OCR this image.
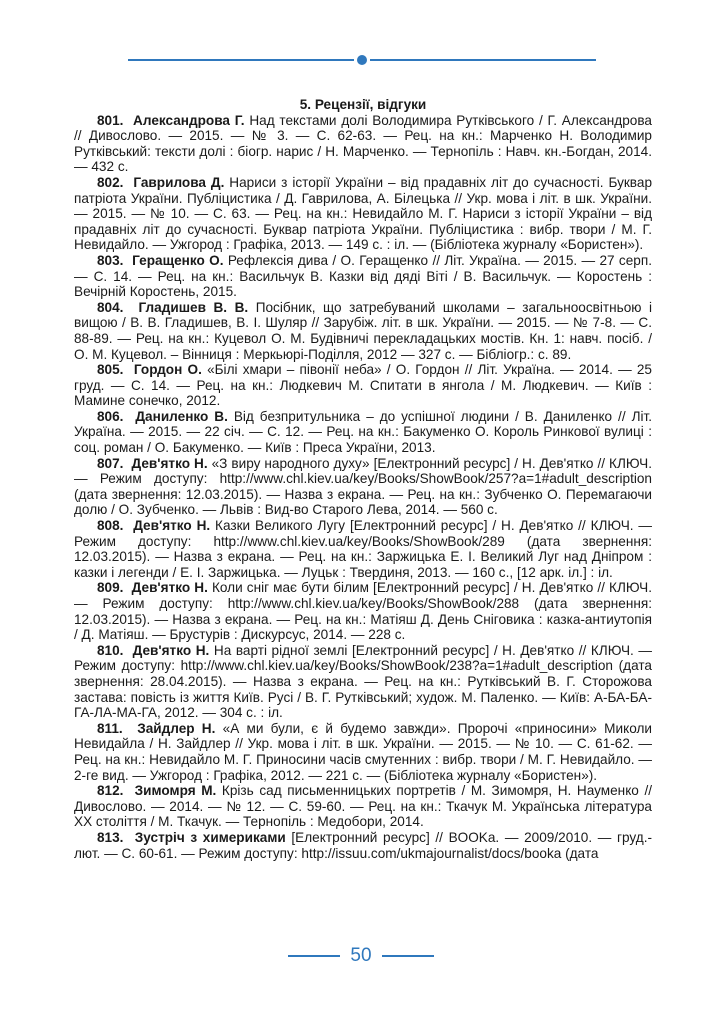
5. Рецензії, відгуки

801. Александрова Г. Над текстами долі Володимира Рутківського / Г. Александрова // Дивослово. — 2015. — № 3. — С. 62-63. — Рец. на кн.: Марченко Н. Володимир Рутківський: тексти долі : біогр. нарис / Н. Марченко. — Тернопіль : Навч. кн.-Богдан, 2014. — 432 с.

802. Гаврилова Д. Нариси з історії України – від прадавніх літ до сучасності. Буквар патріота України. Публіцистика / Д. Гаврилова, А. Білецька // Укр. мова і літ. в шк. України. — 2015. — № 10. — С. 63. — Рец. на кн.: Невидайло М. Г. Нариси з історії України – від прадавніх літ до сучасності. Буквар патріота України. Публіцистика : вибр. твори / М. Г. Невидайло. — Ужгород : Графіка, 2013. — 149 с. : іл. — (Бібліотека журналу «Бористен»).

803. Геращенко О. Рефлексія дива / О. Геращенко // Літ. Україна. — 2015. — 27 серп. — С. 14. — Рец. на кн.: Васильчук В. Казки від дяді Віті / В. Васильчук. — Коростень : Вечірній Коростень, 2015.

804. Гладишев В. В. Посібник, що затребуваний школами – загальноосвітньою і вищою / В. В. Гладишев, В. І. Шуляр // Зарубіж. літ. в шк. України. — 2015. — № 7-8. — С. 88-89. — Рец. на кн.: Куцевол О. М. Будівничі перекладацьких мостів. Кн. 1: навч. посіб. / О. М. Куцевол. – Вінниця : Меркьюрі-Поділля, 2012 — 327 с. — Бібліогр.: с. 89.

805. Гордон О. «Білі хмари – півонії неба» / О. Гордон // Літ. Україна. — 2014. — 25 груд. — С. 14. — Рец. на кн.: Людкевич М. Спитати в янгола / М. Людкевич. — Київ : Мамине сонечко, 2012.

806. Даниленко В. Від безпритульника – до успішної людини / В. Даниленко // Літ. Україна. — 2015. — 22 січ. — С. 12. — Рец. на кн.: Бакуменко О. Король Ринкової вулиці : соц. роман / О. Бакуменко. — Київ : Преса України, 2013.

807. Дев'ятко Н. «З виру народного духу» [Електронний ресурс] / Н. Дев'ятко // КЛЮЧ. — Режим доступу: http://www.chl.kiev.ua/key/Books/ShowBook/257?a=1#adult_description (дата звернення: 12.03.2015). — Назва з екрана. — Рец. на кн.: Зубченко О. Перемагаючи долю / О. Зубченко. — Львів : Вид-во Старого Лева, 2014. — 560 с.

808. Дев'ятко Н. Казки Великого Лугу [Електронний ресурс] / Н. Дев'ятко // КЛЮЧ. — Режим доступу: http://www.chl.kiev.ua/key/Books/ShowBook/289 (дата звернення: 12.03.2015). — Назва з екрана. — Рец. на кн.: Заржицька Е. І. Великий Луг над Дніпром : казки і легенди / Е. І. Заржицька. — Луцьк : Твердиня, 2013. — 160 с., [12 арк. іл.] : іл.

809. Дев'ятко Н. Коли сніг має бути білим [Електронний ресурс] / Н. Дев'ятко // КЛЮЧ. — Режим доступу: http://www.chl.kiev.ua/key/Books/ShowBook/288 (дата звернення: 12.03.2015). — Назва з екрана. — Рец. на кн.: Матіяш Д. День Сніговика : казка-антиутопія / Д. Матіяш. — Брустурів : Дискурсус, 2014. — 228 с.

810. Дев'ятко Н. На варті рідної землі [Електронний ресурс] / Н. Дев'ятко // КЛЮЧ. — Режим доступу: http://www.chl.kiev.ua/key/Books/ShowBook/238?a=1#adult_description (дата звернення: 28.04.2015). — Назва з екрана. — Рец. на кн.: Рутківський В. Г. Сторожова застава: повість із життя Київ. Русі / В. Г. Рутківський; худож. М. Паленко. — Київ: А-БА-БА-ГА-ЛА-МА-ГА, 2012. — 304 с. : іл.

811. Зайдлер Н. «А ми були, є й будемо завжди». Пророчі «приносини» Миколи Невидайла / Н. Зайдлер // Укр. мова і літ. в шк. України. — 2015. — № 10. — С. 61-62. — Рец. на кн.: Невидайло М. Г. Приносини часів смутенних : вибр. твори / М. Г. Невидайло. — 2-ге вид. — Ужгород : Графіка, 2012. — 221 с. — (Бібліотека журналу «Бористен»).

812. Зимомря М. Крізь сад письменницьких портретів / М. Зимомря, Н. Науменко // Дивослово. — 2014. — № 12. — С. 59-60. — Рец. на кн.: Ткачук М. Українська література XX століття / М. Ткачук. — Тернопіль : Медобори, 2014.

813. Зустріч з химериками [Електронний ресурс] // BOOKа. — 2009/2010. — груд.-лют. — С. 60-61. — Режим доступу: http://issuu.com/ukmajournalist/docs/booka (дата

50
